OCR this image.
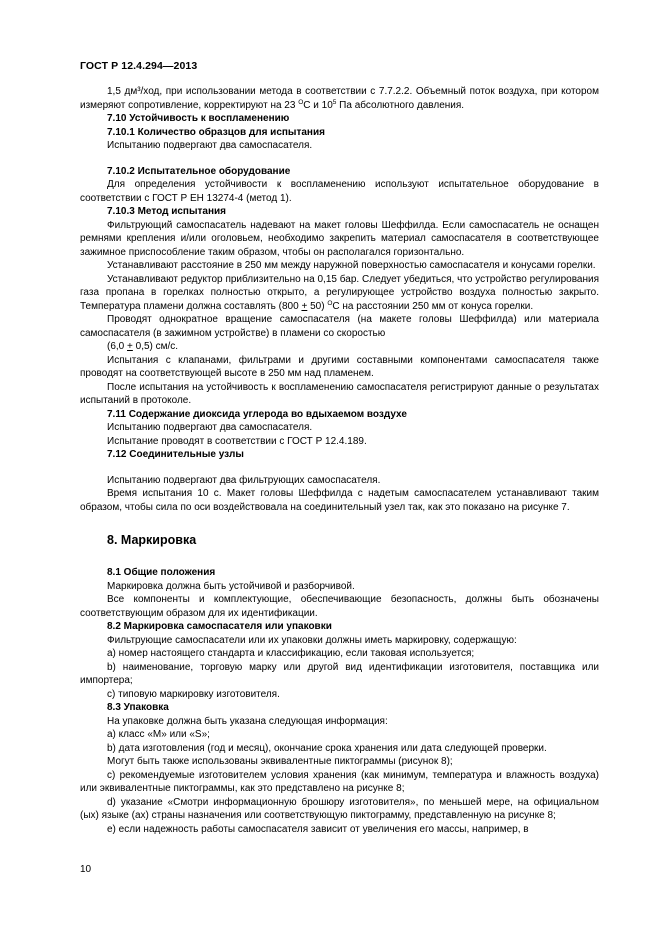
ГОСТ Р 12.4.294—2013

1,5 дм³/ход, при использовании метода в соответствии с 7.7.2.2. Объемный поток воздуха, при котором измеряют сопротивление, корректируют на 23 $^O$C и $10^5$ Па абсолютного давления.

7.10 Устойчивость к воспламенению

7.10.1 Количество образцов для испытания

Испытанию подвергают два самоспасателя.

7.10.2 Испытательное оборудование

Для определения устойчивости к воспламенению используют испытательное оборудование в соответствии с ГОСТ Р ЕН 13274-4 (метод 1).

7.10.3 Метод испытания

Фильтрующий самоспасатель надевают на макет головы Шеффилда. Если самоспасатель не оснащен ремнями крепления и/или оголовьем, необходимо закрепить материал самоспасателя в соответствующее зажимное приспособление таким образом, чтобы он располагался горизонтально.

Устанавливают расстояние в 250 мм между наружной поверхностью самоспасателя и конусами горелки.

Устанавливают редуктор приблизительно на 0,15 бар. Следует убедиться, что устройство регулирования газа пропана в горелках полностью открыто, а регулирующее устройство воздуха полностью закрыто. Температура пламени должна составлять (800 + 50) $^O$C на расстоянии 250 мм от конуса горелки.

Проводят однократное вращение самоспасателя (на макете головы Шеффилда) или материала самоспасателя (в зажимном устройстве) в пламени со скоростью

(6,0 + 0,5) см/с.

Испытания с клапанами, фильтрами и другими составными компонентами самоспасателя также проводят на соответствующей высоте в 250 мм над пламенем.

После испытания на устойчивость к воспламенению самоспасателя регистрируют данные о результатах испытаний в протоколе.

7.11 Содержание диоксида углерода во вдыхаемом воздухе

Испытанию подвергают два самоспасателя.

Испытание проводят в соответствии с ГОСТ Р 12.4.189.

7.12 Соединительные узлы

Испытанию подвергают два фильтрующих самоспасателя.

Время испытания 10 с. Макет головы Шеффилда с надетым самоспасателем устанавливают таким образом, чтобы сила по оси воздействовала на соединительный узел так, как это показано на рисунке 7.

8. Маркировка

8.1 Общие положения

Маркировка должна быть устойчивой и разборчивой.

Все компоненты и комплектующие, обеспечивающие безопасность, должны быть обозначены соответствующим образом для их идентификации.

8.2 Маркировка самоспасателя или упаковки

Фильтрующие самоспасатели или их упаковки должны иметь маркировку, содержащую:

а) номер настоящего стандарта и классификацию, если таковая используется;

b) наименование, торговую марку или другой вид идентификации изготовителя, поставщика или импортера;

с) типовую маркировку изготовителя.

8.3 Упаковка

На упаковке должна быть указана следующая информация:

а) класс «М» или «S»;

b) дата изготовления (год и месяц), окончание срока хранения или дата следующей проверки.

Могут быть также использованы эквивалентные пиктограммы (рисунок 8);

с) рекомендуемые изготовителем условия хранения (как минимум, температура и влажность воздуха) или эквивалентные пиктограммы, как это представлено на рисунке 8;

d) указание «Смотри информационную брошюру изготовителя», по меньшей мере, на официальном (ых) языке (ах) страны назначения или соответствующую пиктограмму, представленную на рисунке 8;

е) если надежность работы самоспасателя зависит от увеличения его массы, например, в

10
